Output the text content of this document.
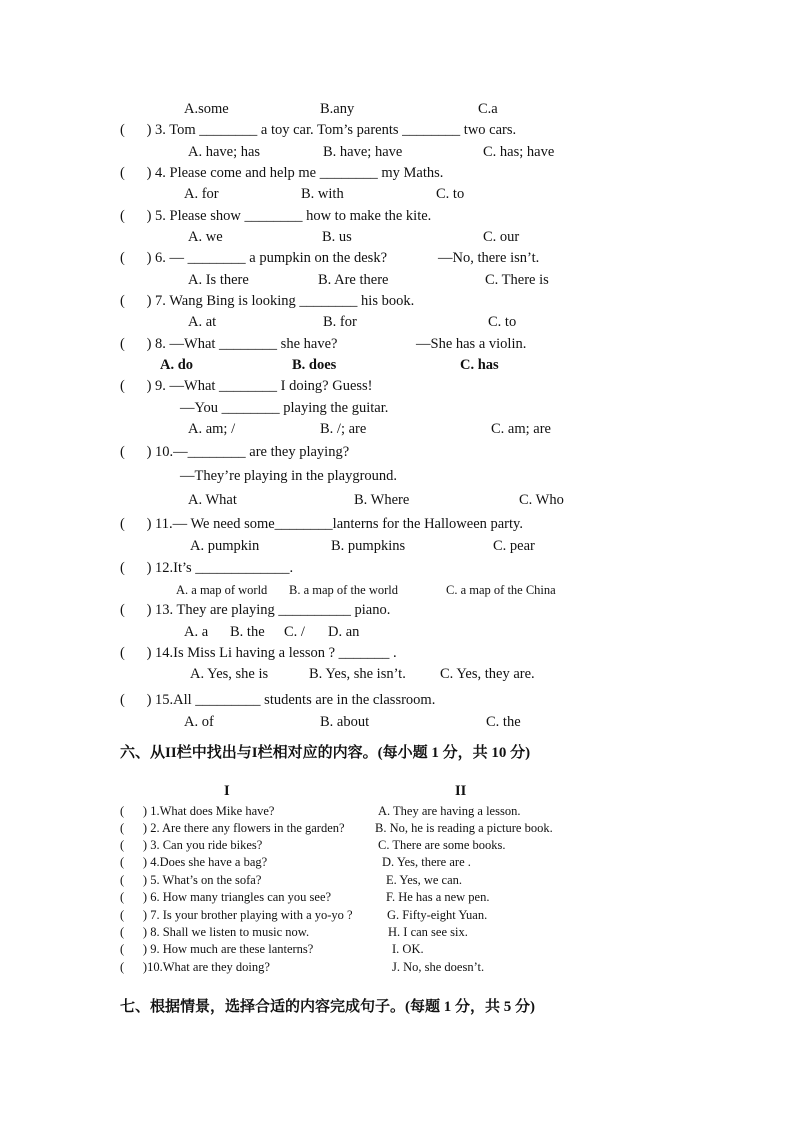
A.some	B.any	C.a
(      ) 3. Tom ________ a toy car. Tom’s parents ________ two cars.
A. have; has	B. have; have	C. has; have
(      ) 4. Please come and help me ________ my Maths.
A. for	B. with	C. to
(      ) 5. Please show ________ how to make the kite.
A. we	B. us	C. our
(      ) 6. — ________ a pumpkin on the desk?	—No, there isn’t.
A. Is there	B. Are there	C. There is
(      ) 7. Wang Bing is looking ________ his book.
A. at	B. for	C. to
(      ) 8. —What ________ she have?	—She has a violin.
A. do	B. does	C. has
(      ) 9. —What ________ I doing? Guess!
—You ________ playing the guitar.
A. am; /	B. /; are	C. am; are
(      ) 10.—________ are they playing?
—They’re playing in the playground.
A. What	B. Where	C. Who
(      ) 11.— We need some________lanterns for the Halloween party.
A. pumpkin	B. pumpkins	C. pear
(      ) 12.It’s _____________.
A. a map of world B. a map of the world	C. a map of the China
(      ) 13. They are playing __________ piano.
A. a B. the C. / D. an
(      ) 14.Is Miss Li having a lesson ? _______ .
A. Yes, she is	B. Yes, she isn’t. C. Yes, they are.
(      ) 15.All _________ students are in the classroom.
A. of	B. about	C. the
六、从II栏中找出与I栏相对应的内容。(每小题 1 分，共 10 分)
I	II
(      ) 1.What does Mike have?	A. They are having a lesson.
(      ) 2. Are there any flowers in the garden? B. No, he is reading a picture book.
(      ) 3. Can you ride bikes?	C. There are some books.
(      ) 4.Does she have a bag?	D. Yes, there are .
(      ) 5. What’s on the sofa?	E. Yes, we can.
(      ) 6. How many triangles can you see?	F. He has a new pen.
(      ) 7. Is your brother playing with a yo-yo ?	G. Fifty-eight Yuan.
(      ) 8. Shall we listen to music now.	H. I can see six.
(      ) 9. How much are these lanterns?	I. OK.
(      )10.What are they doing?	J. No, she doesn’t.
七、根据情景，选择合适的内容完成句子。(每题 1 分，共 5 分)
